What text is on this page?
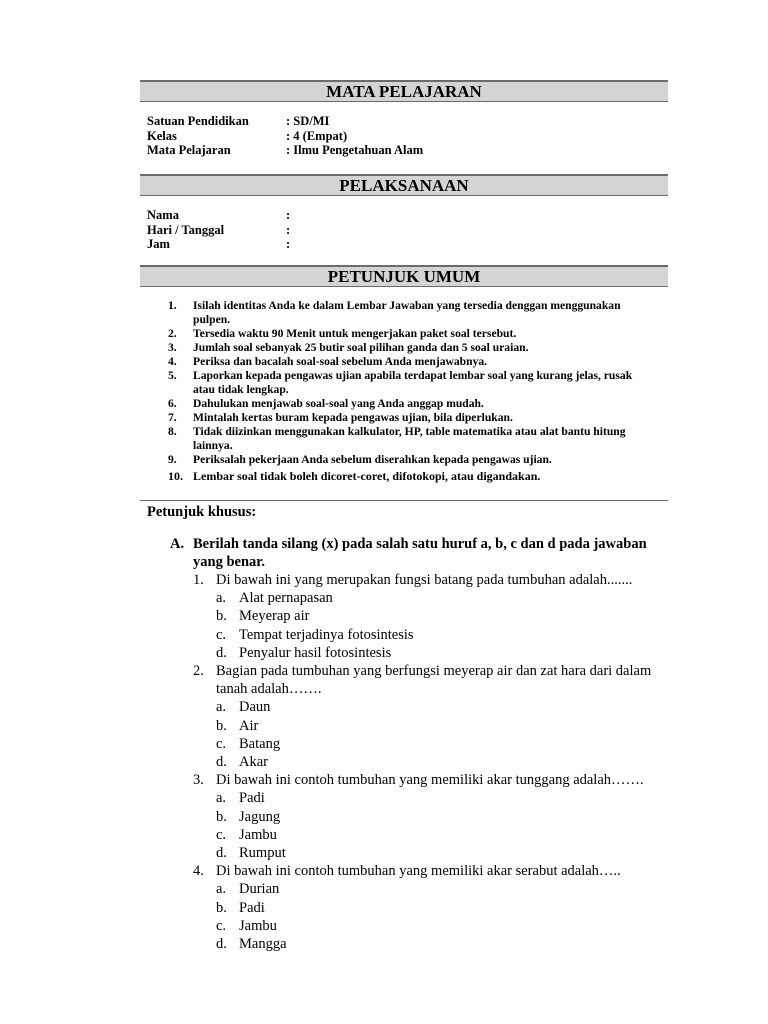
MATA PELAJARAN
Satuan Pendidikan	: SD/MI
Kelas	: 4 (Empat)
Mata Pelajaran	: Ilmu Pengetahuan Alam
PELAKSANAAN
Nama	:
Hari / Tanggal	:
Jam	:
PETUNJUK UMUM
1.	Isilah identitas Anda ke dalam Lembar Jawaban yang tersedia denggan menggunakan pulpen.
2.	Tersedia waktu 90 Menit untuk mengerjakan paket soal tersebut.
3.	Jumlah soal sebanyak 25 butir soal pilihan ganda dan 5 soal uraian.
4.	Periksa dan bacalah soal-soal sebelum Anda menjawabnya.
5.	Laporkan kepada pengawas ujian apabila terdapat lembar soal yang kurang jelas, rusak atau tidak lengkap.
6.	Dahulukan menjawab soal-soal yang Anda anggap mudah.
7.	Mintalah kertas buram kepada pengawas ujian, bila diperlukan.
8.	Tidak diizinkan menggunakan kalkulator, HP, table matematika atau alat bantu hitung lainnya.
9.	Periksalah pekerjaan Anda sebelum diserahkan kepada pengawas ujian.
10. Lembar soal tidak boleh dicoret-coret, difotokopi, atau digandakan.
Petunjuk khusus:
A. Berilah tanda silang (x) pada salah satu huruf a, b, c dan d pada jawaban yang benar.
1. Di bawah ini yang merupakan fungsi batang pada tumbuhan adalah.......
a. Alat pernapasan
b. Meyerap air
c. Tempat terjadinya fotosintesis
d. Penyalur hasil fotosintesis
2. Bagian pada tumbuhan yang berfungsi meyerap air dan zat hara dari dalam tanah adalah…….
a. Daun
b. Air
c. Batang
d. Akar
3. Di bawah ini contoh tumbuhan yang memiliki akar tunggang adalah…….
a. Padi
b. Jagung
c. Jambu
d. Rumput
4. Di bawah ini contoh tumbuhan yang memiliki akar serabut adalah…..
a. Durian
b. Padi
c. Jambu
d. Mangga
